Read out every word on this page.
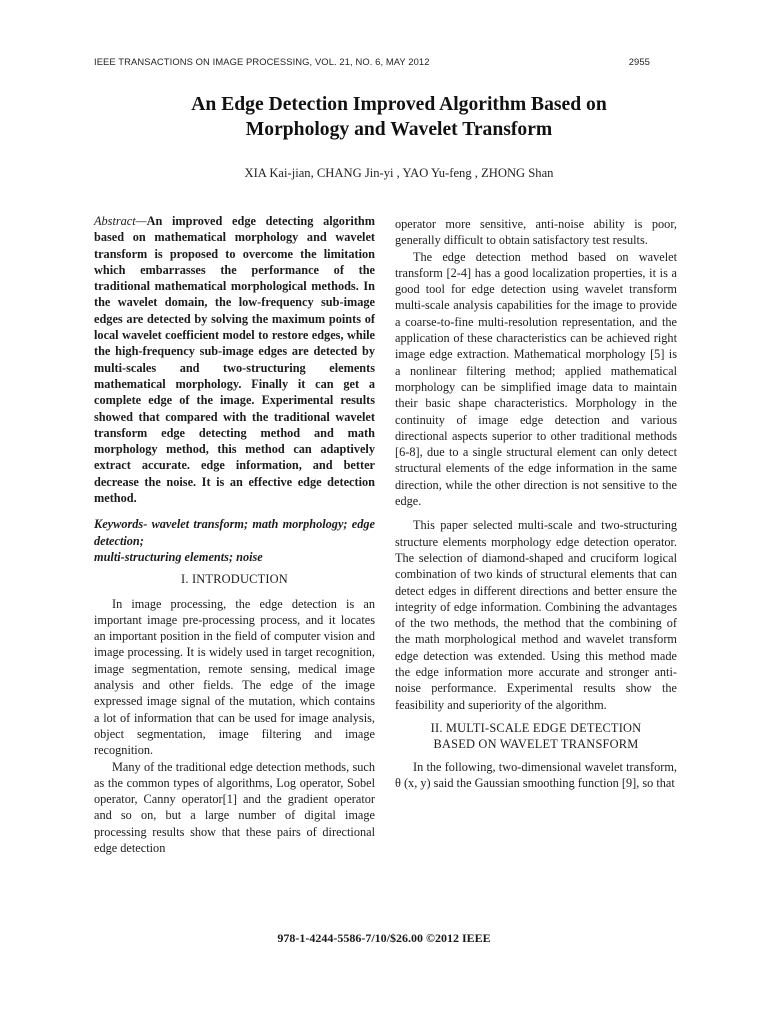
IEEE TRANSACTIONS ON IMAGE PROCESSING, VOL. 21, NO. 6, MAY 2012	2955
An Edge Detection Improved Algorithm Based on
Morphology and Wavelet Transform
XIA Kai-jian, CHANG Jin-yi , YAO Yu-feng , ZHONG Shan

Abstract—An improved edge detecting algorithm based on mathematical morphology and wavelet transform is proposed to overcome the limitation which embarrasses the performance of the traditional mathematical morphological methods. In the wavelet domain, the low-frequency sub-image edges are detected by solving the maximum points of local wavelet coefficient model to restore edges, while the high-frequency sub-image edges are detected by multi-scales and two-structuring elements mathematical morphology. Finally it can get a complete edge of the image. Experimental results showed that compared with the traditional wavelet transform edge detecting method and math morphology method, this method can adaptively extract accurate. edge information, and better decrease the noise. It is an effective edge detection method.

Keywords- wavelet transform; math morphology; edge detection;
multi-structuring elements; noise
I. INTRODUCTION

In image processing, the edge detection is an important image pre-processing process, and it locates an important position in the field of computer vision and image processing. It is widely used in target recognition, image segmentation, remote sensing, medical image analysis and other fields. The edge of the image expressed image signal of the mutation, which contains a lot of information that can be used for image analysis, object segmentation, image filtering and image recognition.

Many of the traditional edge detection methods, such as the common types of algorithms, Log operator, Sobel operator, Canny operator[1] and the gradient operator and so on, but a large number of digital image processing results show that these pairs of directional edge detection

operator more sensitive, anti-noise ability is poor, generally difficult to obtain satisfactory test results.

The edge detection method based on wavelet transform [2-4] has a good localization properties, it is a good tool for edge detection using wavelet transform multi-scale analysis capabilities for the image to provide a coarse-to-fine multi-resolution representation, and the application of these characteristics can be achieved right image edge extraction. Mathematical morphology [5] is a nonlinear filtering method; applied mathematical morphology can be simplified image data to maintain their basic shape characteristics. Morphology in the continuity of image edge detection and various directional aspects superior to other traditional methods [6-8], due to a single structural element can only detect structural elements of the edge information in the same direction, while the other direction is not sensitive to the edge.

This paper selected multi-scale and two-structuring structure elements morphology edge detection operator. The selection of diamond-shaped and cruciform logical combination of two kinds of structural elements that can detect edges in different directions and better ensure the integrity of edge information. Combining the advantages of the two methods, the method that the combining of the math morphological method and wavelet transform edge detection was extended. Using this method made the edge information more accurate and stronger anti-noise performance. Experimental results show the feasibility and superiority of the algorithm.

II. MULTI-SCALE EDGE DETECTION
BASED ON WAVELET TRANSFORM

In the following, two-dimensional wavelet transform, θ (x, y) said the Gaussian smoothing function [9], so that

978-1-4244-5586-7/10/$26.00 ©2012 IEEE
